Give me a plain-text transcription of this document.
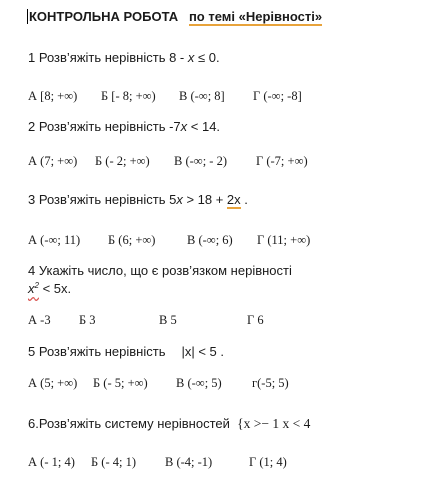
КОНТРОЛЬНА РОБОТА по темі «Нерівності»
1 Розв’яжіть нерівність 8 - x ≤ 0.
А [8; +∞) Б [- 8; +∞) В (-∞; 8] Г (-∞; -8]
2 Розв’яжіть нерівність -7x < 14.
А (7; +∞) Б (- 2; +∞) В (-∞; - 2) Г (-7; +∞)
3 Розв’яжіть нерівність 5x > 18 + 2x .
А (-∞; 11) Б (6; +∞)	В (-∞; 6) Г (11; +∞)
4 Укажіть число, що є розв’язком нерівності
$x^2 < 5x$.
А -3 Б 3	В 5	Г 6
5 Розв’яжіть нерівність |x| < 5 .
А (5; +∞) Б (- 5; +∞) В (-∞; 5) г(-5; 5)
6.Розв’яжіть систему нерівностей {x >− 1 x < 4
А (- 1; 4) Б (- 4; 1) В (-4; -1)	Г (1; 4)
